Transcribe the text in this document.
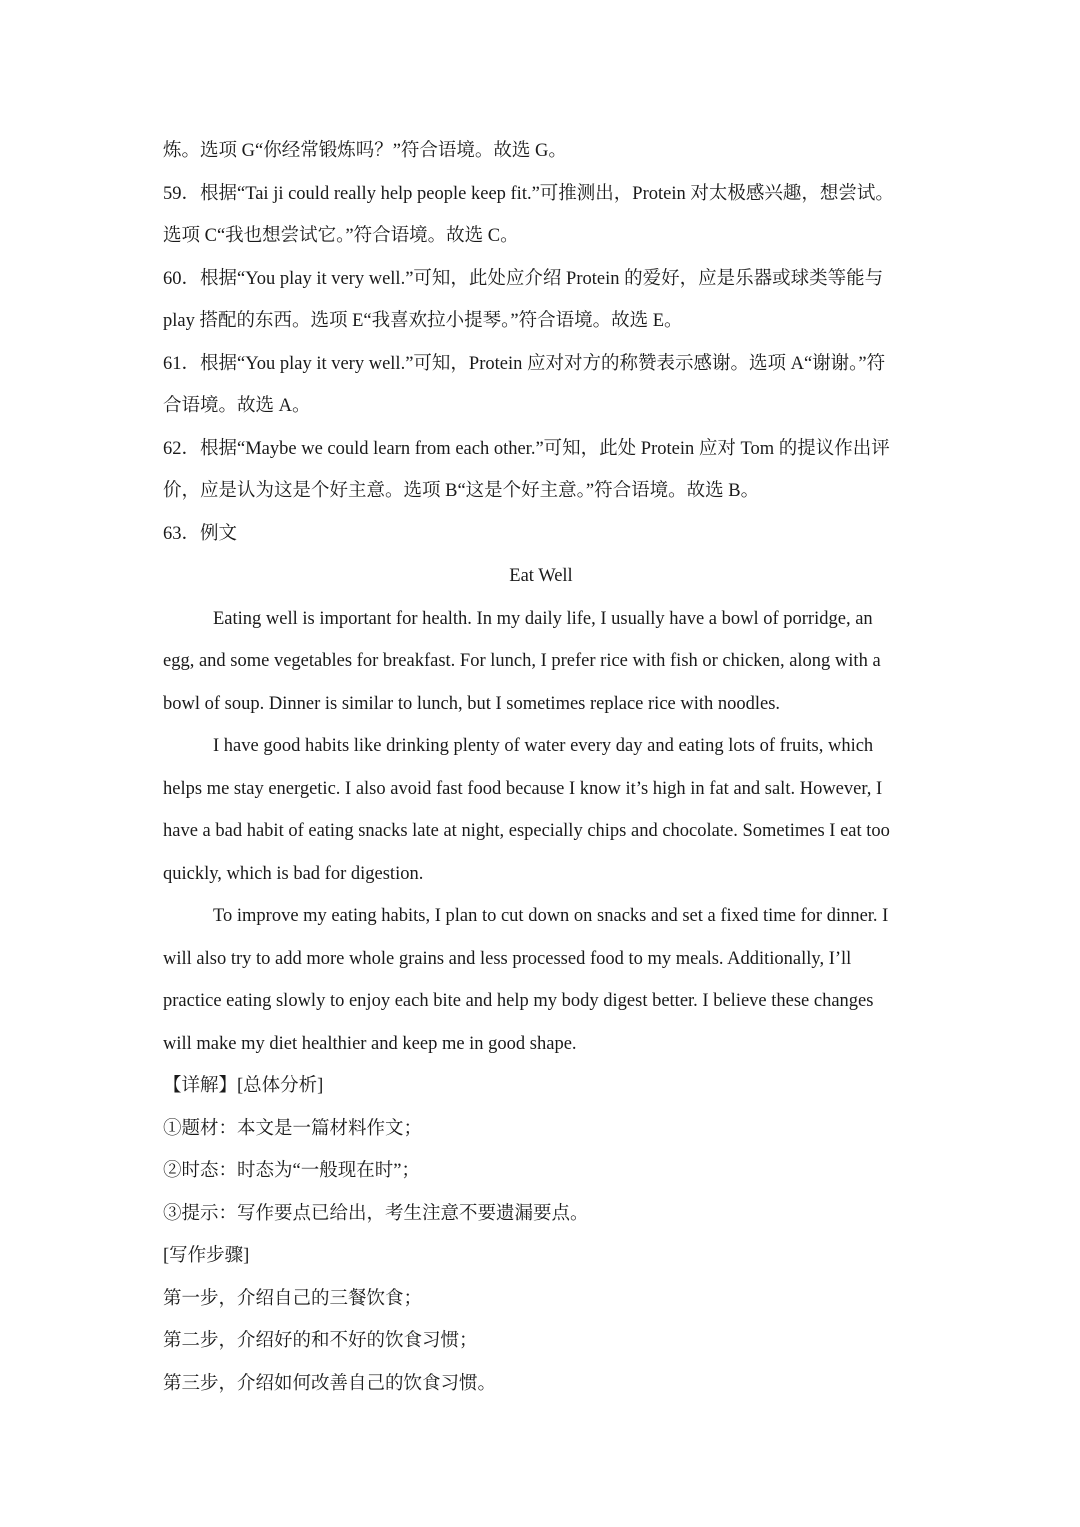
炼。选项 G“你经常锻炼吗？”符合语境。故选 G。
59．根据“Tai ji could really help people keep fit.”可推测出，Protein 对太极感兴趣，想尝试。
选项 C“我也想尝试它。”符合语境。故选 C。
60．根据“You play it very well.”可知，此处应介绍 Protein 的爱好，应是乐器或球类等能与
play 搭配的东西。选项 E“我喜欢拉小提琴。”符合语境。故选 E。
61．根据“You play it very well.”可知，Protein 应对对方的称赞表示感谢。选项 A“谢谢。”符
合语境。故选 A。
62．根据“Maybe we could learn from each other.”可知，此处 Protein 应对 Tom 的提议作出评
价，应是认为这是个好主意。选项 B“这是个好主意。”符合语境。故选 B。
63．例文
Eat Well
Eating well is important for health. In my daily life, I usually have a bowl of porridge, an
egg, and some vegetables for breakfast. For lunch, I prefer rice with fish or chicken, along with a
bowl of soup. Dinner is similar to lunch, but I sometimes replace rice with noodles.
I have good habits like drinking plenty of water every day and eating lots of fruits, which
helps me stay energetic. I also avoid fast food because I know it’s high in fat and salt. However, I
have a bad habit of eating snacks late at night, especially chips and chocolate. Sometimes I eat too
quickly, which is bad for digestion.
To improve my eating habits, I plan to cut down on snacks and set a fixed time for dinner. I
will also try to add more whole grains and less processed food to my meals. Additionally, I’ll
practice eating slowly to enjoy each bite and help my body digest better. I believe these changes
will make my diet healthier and keep me in good shape.
【详解】[总体分析]
①题材：本文是一篇材料作文；
②时态：时态为“一般现在时”；
③提示：写作要点已给出，考生注意不要遗漏要点。
[写作步骤]
第一步，介绍自己的三餐饮食；
第二步，介绍好的和不好的饮食习惯；
第三步，介绍如何改善自己的饮食习惯。
